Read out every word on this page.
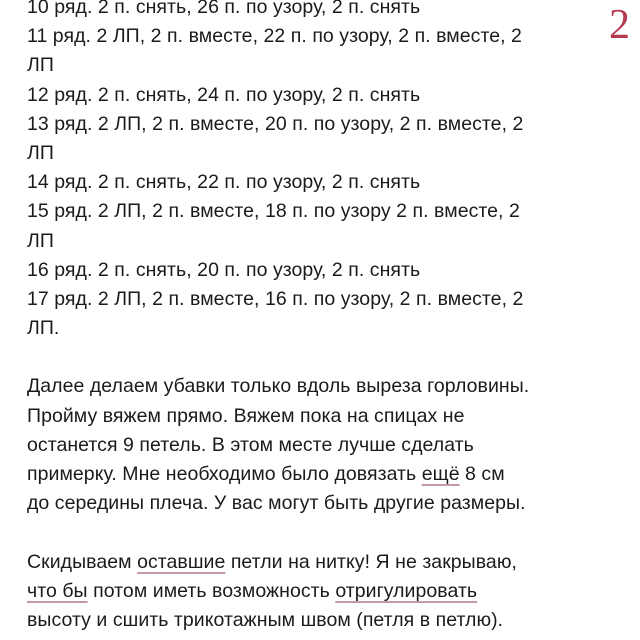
2
10 ряд. 2 п. снять, 26 п. по узору, 2 п. снять
11 ряд. 2 ЛП, 2 п. вместе, 22 п. по узору, 2 п. вместе, 2
ЛП
12 ряд. 2 п. снять, 24 п. по узору, 2 п. снять
13 ряд. 2 ЛП, 2 п. вместе, 20 п. по узору, 2 п. вместе, 2
ЛП
14 ряд. 2 п. снять, 22 п. по узору, 2 п. снять
15 ряд. 2 ЛП, 2 п. вместе, 18 п. по узору 2 п. вместе, 2
ЛП
16 ряд. 2 п. снять, 20 п. по узору, 2 п. снять
17 ряд. 2 ЛП, 2 п. вместе, 16 п. по узору, 2 п. вместе, 2
ЛП.
Далее делаем убавки только вдоль выреза горловины.
Пройму вяжем прямо. Вяжем пока на спицах не
останется 9 петель. В этом месте лучше сделать
примерку. Мне необходимо было довязать ещё 8 см
до середины плеча. У вас могут быть другие размеры.
Скидываем оставшие петли на нитку! Я не закрываю,
что бы потом иметь возможность отригулировать
высоту и сшить трикотажным швом (петля в петлю).
